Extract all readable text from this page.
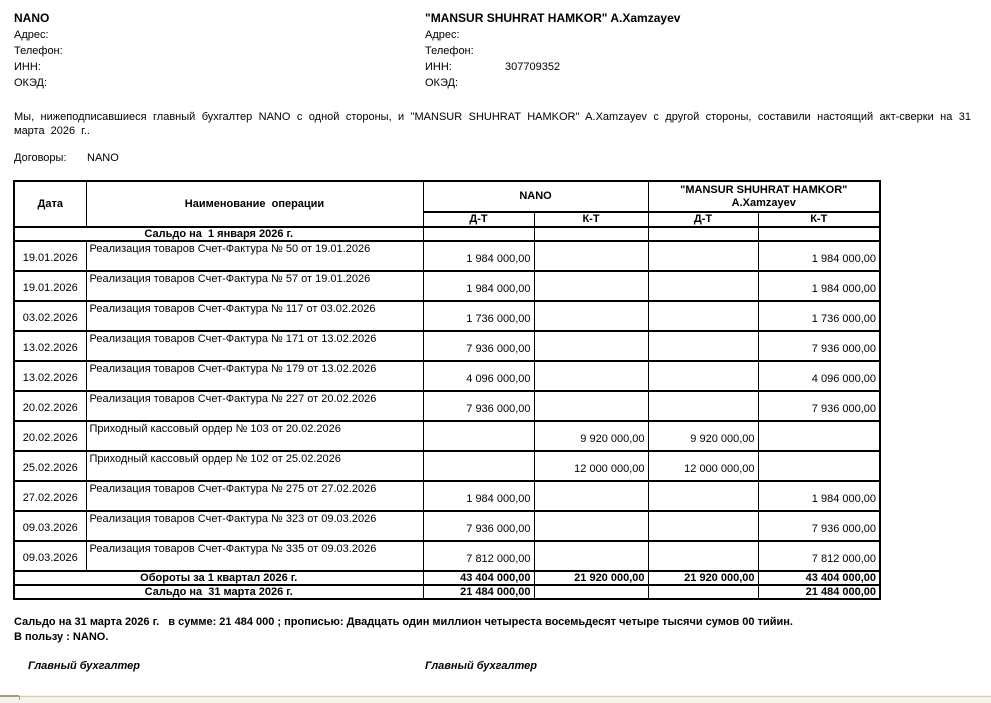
NANO
Адрес:
Телефон:
ИНН:
ОКЭД:
"MANSUR SHUHRAT HAMKOR" A.Xamzayev
Адрес:
Телефон:
ИНН:	307709352
ОКЭД:
Мы, нижеподписавшиеся главный бухгалтер NANO с одной стороны, и "MANSUR SHUHRAT HAMKOR" A.Xamzayev с другой стороны, составили настоящий акт-сверки на 31 марта 2026 г..
Договоры: NANO
Дата	Наименование  операции	NANO		"MANSUR SHUHRAT HAMKOR" A.Xamzayev	
		Д-Т	К-Т	Д-Т	К-Т
Сальдо на  1 января 2026 г.					
19.01.2026	Реализация товаров Счет-Фактура № 50 от 19.01.2026	1 984 000,00			1 984 000,00
19.01.2026	Реализация товаров Счет-Фактура № 57 от 19.01.2026	1 984 000,00			1 984 000,00
03.02.2026	Реализация товаров Счет-Фактура № 117 от 03.02.2026	1 736 000,00			1 736 000,00
13.02.2026	Реализация товаров Счет-Фактура № 171 от 13.02.2026	7 936 000,00			7 936 000,00
13.02.2026	Реализация товаров Счет-Фактура № 179 от 13.02.2026	4 096 000,00			4 096 000,00
20.02.2026	Реализация товаров Счет-Фактура № 227 от 20.02.2026	7 936 000,00			7 936 000,00
20.02.2026	Приходный кассовый ордер № 103 от 20.02.2026		9 920 000,00	9 920 000,00	
25.02.2026	Приходный кассовый ордер № 102 от 25.02.2026		12 000 000,00	12 000 000,00	
27.02.2026	Реализация товаров Счет-Фактура № 275 от 27.02.2026	1 984 000,00			1 984 000,00
09.03.2026	Реализация товаров Счет-Фактура № 323 от 09.03.2026	7 936 000,00			7 936 000,00
09.03.2026	Реализация товаров Счет-Фактура № 335 от 09.03.2026	7 812 000,00			7 812 000,00
Обороты за 1 квартал 2026 г.		43 404 000,00	21 920 000,00	21 920 000,00	43 404 000,00
Сальдо на  31 марта 2026 г.		21 484 000,00			21 484 000,00
Сальдо на 31 марта 2026 г.   в сумме: 21 484 000 ; прописью: Двадцать один миллион четыреста восемьдесят четыре тысячи сумов 00 тийин.
В пользу : NANO.
Главный бухгалтер	Главный бухгалтер
